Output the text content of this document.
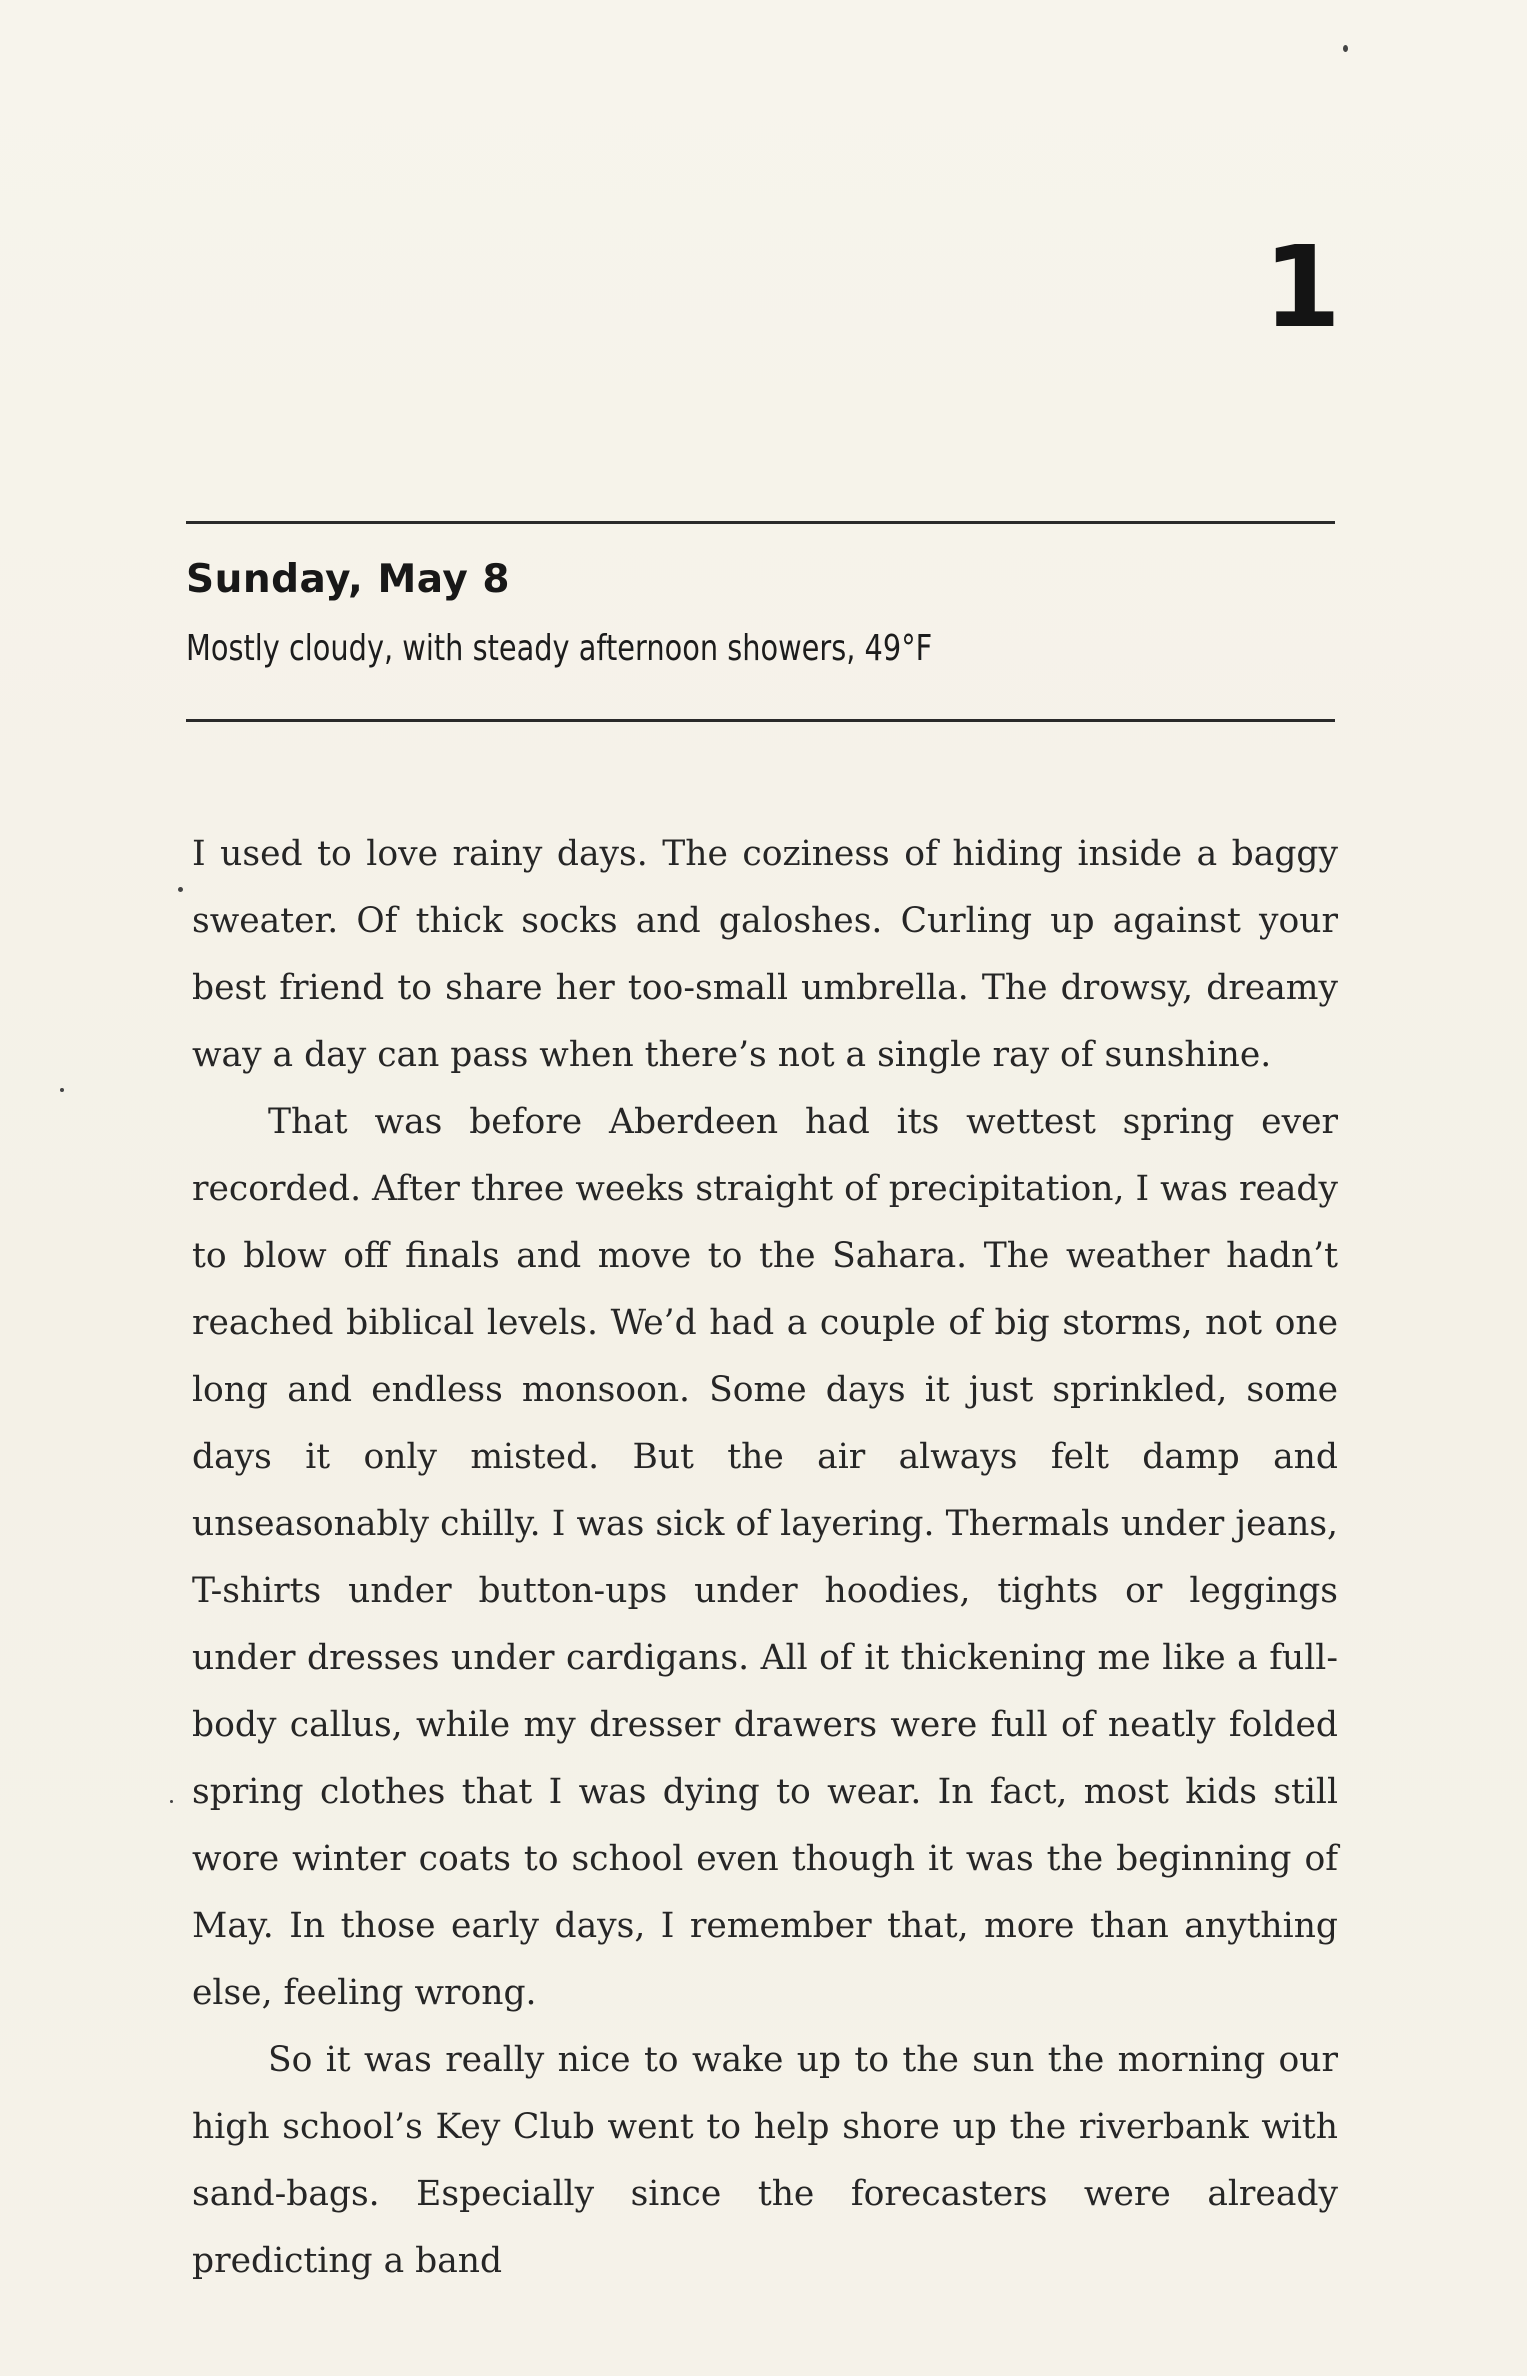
1
Sunday, May 8
Mostly cloudy, with steady afternoon showers, 49°F

I used to love rainy days. The coziness of hiding inside a baggy sweater. Of thick socks and galoshes. Curling up against your best friend to share her too-small umbrella. The drowsy, dreamy way a day can pass when there’s not a single ray of sunshine.

That was before Aberdeen had its wettest spring ever recorded. After three weeks straight of precipitation, I was ready to blow off finals and move to the Sahara. The weather hadn’t reached biblical levels. We’d had a couple of big storms, not one long and endless monsoon. Some days it just sprinkled, some days it only misted. But the air always felt damp and unseasonably chilly. I was sick of layering. Thermals under jeans, T-shirts under button-ups under hoodies, tights or leggings under dresses under cardigans. All of it thickening me like a full-body callus, while my dresser drawers were full of neatly folded spring clothes that I was dying to wear. In fact, most kids still wore winter coats to school even though it was the beginning of May. In those early days, I remember that, more than anything else, feeling wrong.

So it was really nice to wake up to the sun the morning our high school’s Key Club went to help shore up the riverbank with sand-bags. Especially since the forecasters were already predicting a band
